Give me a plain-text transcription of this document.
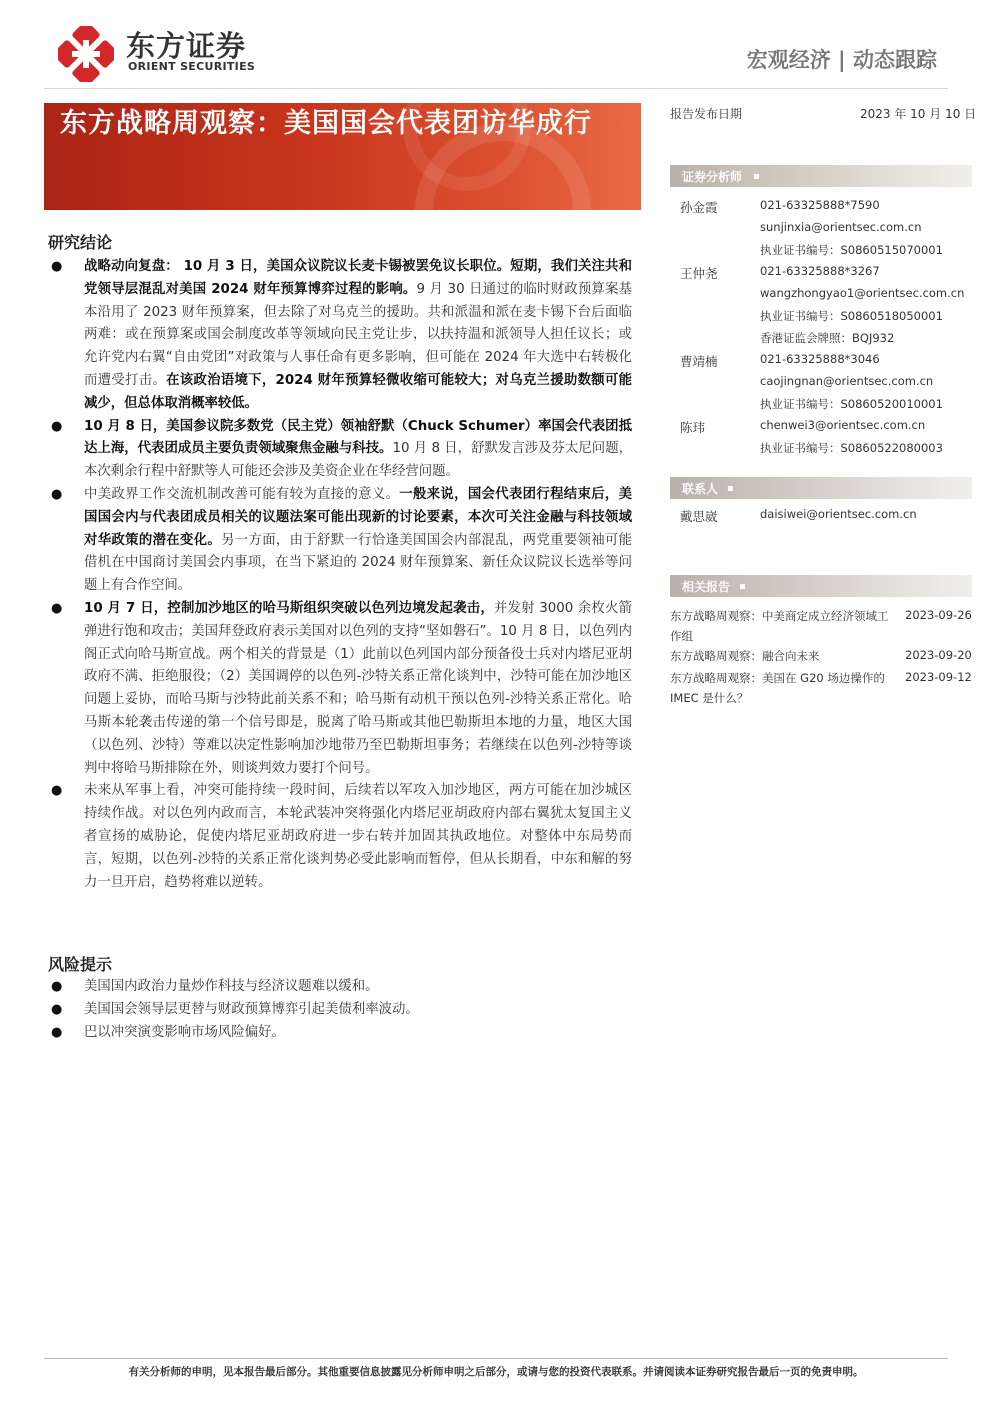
东方证券
ORIENT SECURITIES	宏观经济 | 动态跟踪
东方战略周观察：美国国会代表团访华成行
研究结论
● 战略动向复盘： 10 月 3 日，美国众议院议长麦卡锡被罢免议长职位。短期，我们关注共和党领导层混乱对美国 2024 财年预算博弈过程的影响。9 月 30 日通过的临时财政预算案基本沿用了 2023 财年预算案，但去除了对乌克兰的援助。共和派温和派在麦卡锡下台后面临两难：或在预算案或国会制度改革等领域向民主党让步，以扶持温和派领导人担任议长；或允许党内右翼“自由党团”对政策与人事任命有更多影响，但可能在 2024 年大选中右转极化而遭受打击。在该政治语境下，2024 财年预算轻微收缩可能较大；对乌克兰援助数额可能减少，但总体取消概率较低。
● 10 月 8 日，美国参议院多数党（民主党）领袖舒默（Chuck Schumer）率国会代表团抵达上海，代表团成员主要负责领域聚焦金融与科技。10 月 8 日，舒默发言涉及芬太尼问题，本次剩余行程中舒默等人可能还会涉及美资企业在华经营问题。
● 中美政界工作交流机制改善可能有较为直接的意义。一般来说，国会代表团行程结束后，美国国会内与代表团成员相关的议题法案可能出现新的讨论要素，本次可关注金融与科技领域对华政策的潜在变化。另一方面，由于舒默一行恰逢美国国会内部混乱，两党重要领袖可能借机在中国商讨美国会内事项，在当下紧迫的 2024 财年预算案、新任众议院议长选举等问题上有合作空间。
● 10 月 7 日，控制加沙地区的哈马斯组织突破以色列边境发起袭击，并发射 3000 余枚火箭弹进行饱和攻击；美国拜登政府表示美国对以色列的支持“坚如磐石”。10 月 8 日，以色列内阁正式向哈马斯宣战。两个相关的背景是（1）此前以色列国内部分预备役士兵对内塔尼亚胡政府不满、拒绝服役；（2）美国调停的以色列-沙特关系正常化谈判中，沙特可能在加沙地区问题上妥协，而哈马斯与沙特此前关系不和；哈马斯有动机干预以色列-沙特关系正常化。哈马斯本轮袭击传递的第一个信号即是，脱离了哈马斯或其他巴勒斯坦本地的力量，地区大国（以色列、沙特）等难以决定性影响加沙地带乃至巴勒斯坦事务；若继续在以色列-沙特等谈判中将哈马斯排除在外，则谈判效力要打个问号。
● 未来从军事上看，冲突可能持续一段时间，后续若以军攻入加沙地区，两方可能在加沙城区持续作战。对以色列内政而言，本轮武装冲突将强化内塔尼亚胡政府内部右翼犹太复国主义者宣扬的威胁论，促使内塔尼亚胡政府进一步右转并加固其执政地位。对整体中东局势而言，短期，以色列-沙特的关系正常化谈判势必受此影响而暂停，但从长期看，中东和解的努力一旦开启，趋势将难以逆转。
风险提示
● 美国国内政治力量炒作科技与经济议题难以缓和。
● 美国国会领导层更替与财政预算博弈引起美债利率波动。
● 巴以冲突演变影响市场风险偏好。
报告发布日期	2023 年 10 月 10 日
证券分析师
孙金霞	021-63325888*7590
sunjinxia@orientsec.com.cn
执业证书编号：S0860515070001
王仲尧	021-63325888*3267
wangzhongyao1@orientsec.com.cn
执业证书编号：S0860518050001
香港证监会牌照：BQJ932
曹靖楠	021-63325888*3046
caojingnan@orientsec.com.cn
执业证书编号：S0860520010001
陈玮	chenwei3@orientsec.com.cn
执业证书编号：S0860522080003
联系人
戴思崴	daisiwei@orientsec.com.cn
相关报告
东方战略周观察：中美商定成立经济领域工作组
2023-09-26
东方战略周观察：融合向未来	2023-09-20
东方战略周观察：美国在 G20 场边操作的 IMEC 是什么？
2023-09-12
有关分析师的申明，见本报告最后部分。其他重要信息披露见分析师申明之后部分，或请与您的投资代表联系。并请阅读本证券研究报告最后一页的免责申明。
